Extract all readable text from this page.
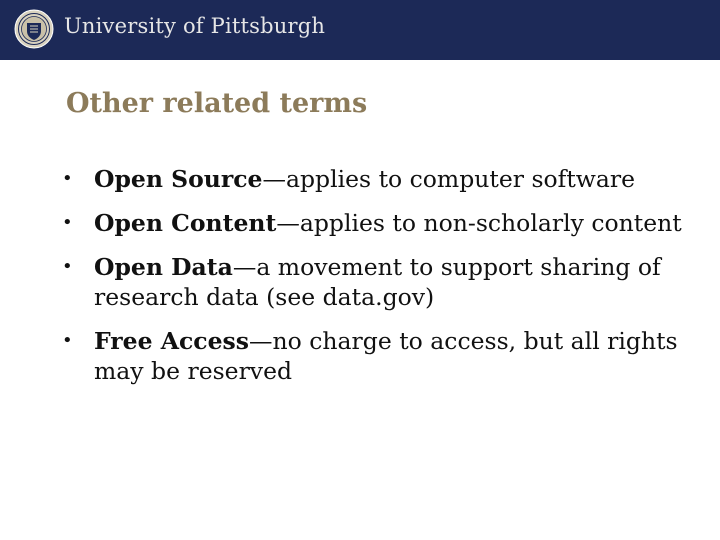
University of Pittsburgh
Other related terms
• Open Source—applies to computer software
• Open Content—applies to non-scholarly content
• Open Data—a movement to support sharing of research data (see data.gov)
• Free Access—no charge to access, but all rights may be reserved
